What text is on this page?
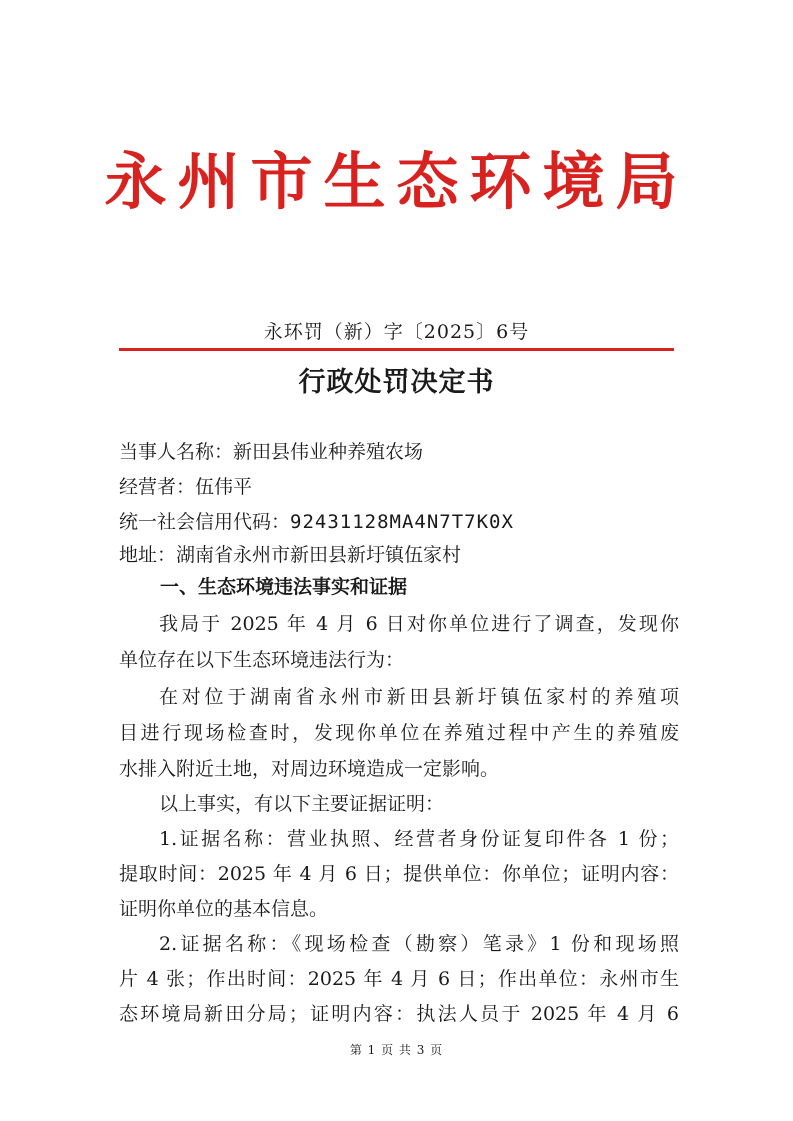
永州市生态环境局
永环罚（新）字〔2025〕6号
行政处罚决定书
当事人名称：新田县伟业种养殖农场
经营者：伍伟平
统一社会信用代码：92431128MA4N7T7K0X
地址：湖南省永州市新田县新圩镇伍家村
一、生态环境违法事实和证据
我局于 2025 年 4 月 6 日对你单位进行了调查，发现你
单位存在以下生态环境违法行为：
在对位于湖南省永州市新田县新圩镇伍家村的养殖项
目进行现场检查时，发现你单位在养殖过程中产生的养殖废
水排入附近土地，对周边环境造成一定影响。
以上事实，有以下主要证据证明：
1.证据名称：营业执照、经营者身份证复印件各 1 份；
提取时间：2025 年 4 月 6 日；提供单位：你单位；证明内容：
证明你单位的基本信息。
2.证据名称：《现场检查（勘察）笔录》1 份和现场照
片 4 张；作出时间：2025 年 4 月 6 日；作出单位：永州市生
态环境局新田分局；证明内容：执法人员于 2025 年 4 月 6
第 1 页 共 3 页
